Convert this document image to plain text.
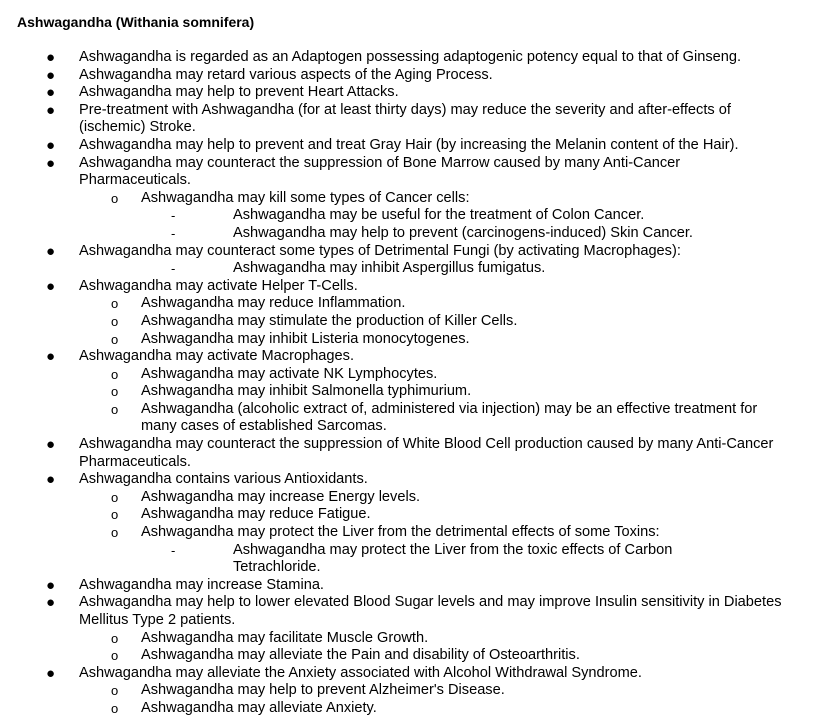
Ashwagandha (Withania somnifera)
●	Ashwagandha is regarded as an Adaptogen possessing adaptogenic potency equal to that of Ginseng.
●	Ashwagandha may retard various aspects of the Aging Process.
●	Ashwagandha may help to prevent Heart Attacks.
●	Pre-treatment with Ashwagandha (for at least thirty days) may reduce the severity and after-effects of (ischemic) Stroke.
●	Ashwagandha may help to prevent and treat Gray Hair (by increasing the Melanin content of the Hair).
●	Ashwagandha may counteract the suppression of Bone Marrow caused by many Anti-Cancer Pharmaceuticals.
o	Ashwagandha may kill some types of Cancer cells:
-	Ashwagandha may be useful for the treatment of Colon Cancer.
-	Ashwagandha may help to prevent (carcinogens-induced) Skin Cancer.
●	Ashwagandha may counteract some types of Detrimental Fungi (by activating Macrophages):
-	Ashwagandha may inhibit Aspergillus fumigatus.
●	Ashwagandha may activate Helper T-Cells.
o	Ashwagandha may reduce Inflammation.
o	Ashwagandha may stimulate the production of Killer Cells.
o	Ashwagandha may inhibit Listeria monocytogenes.
●	Ashwagandha may activate Macrophages.
o	Ashwagandha may activate NK Lymphocytes.
o	Ashwagandha may inhibit Salmonella typhimurium.
o	Ashwagandha (alcoholic extract of, administered via injection) may be an effective treatment for many cases of established Sarcomas.
●	Ashwagandha may counteract the suppression of White Blood Cell production caused by many Anti-Cancer Pharmaceuticals.
●	Ashwagandha contains various Antioxidants.
o	Ashwagandha may increase Energy levels.
o	Ashwagandha may reduce Fatigue.
o	Ashwagandha may protect the Liver from the detrimental effects of some Toxins:
-	Ashwagandha may protect the Liver from the toxic effects of Carbon Tetrachloride.
●	Ashwagandha may increase Stamina.
●	Ashwagandha may help to lower elevated Blood Sugar levels and may improve Insulin sensitivity in Diabetes Mellitus Type 2 patients.
o	Ashwagandha may facilitate Muscle Growth.
o	Ashwagandha may alleviate the Pain and disability of Osteoarthritis.
●	Ashwagandha may alleviate the Anxiety associated with Alcohol Withdrawal Syndrome.
o	Ashwagandha may help to prevent Alzheimer's Disease.
o	Ashwagandha may alleviate Anxiety.
